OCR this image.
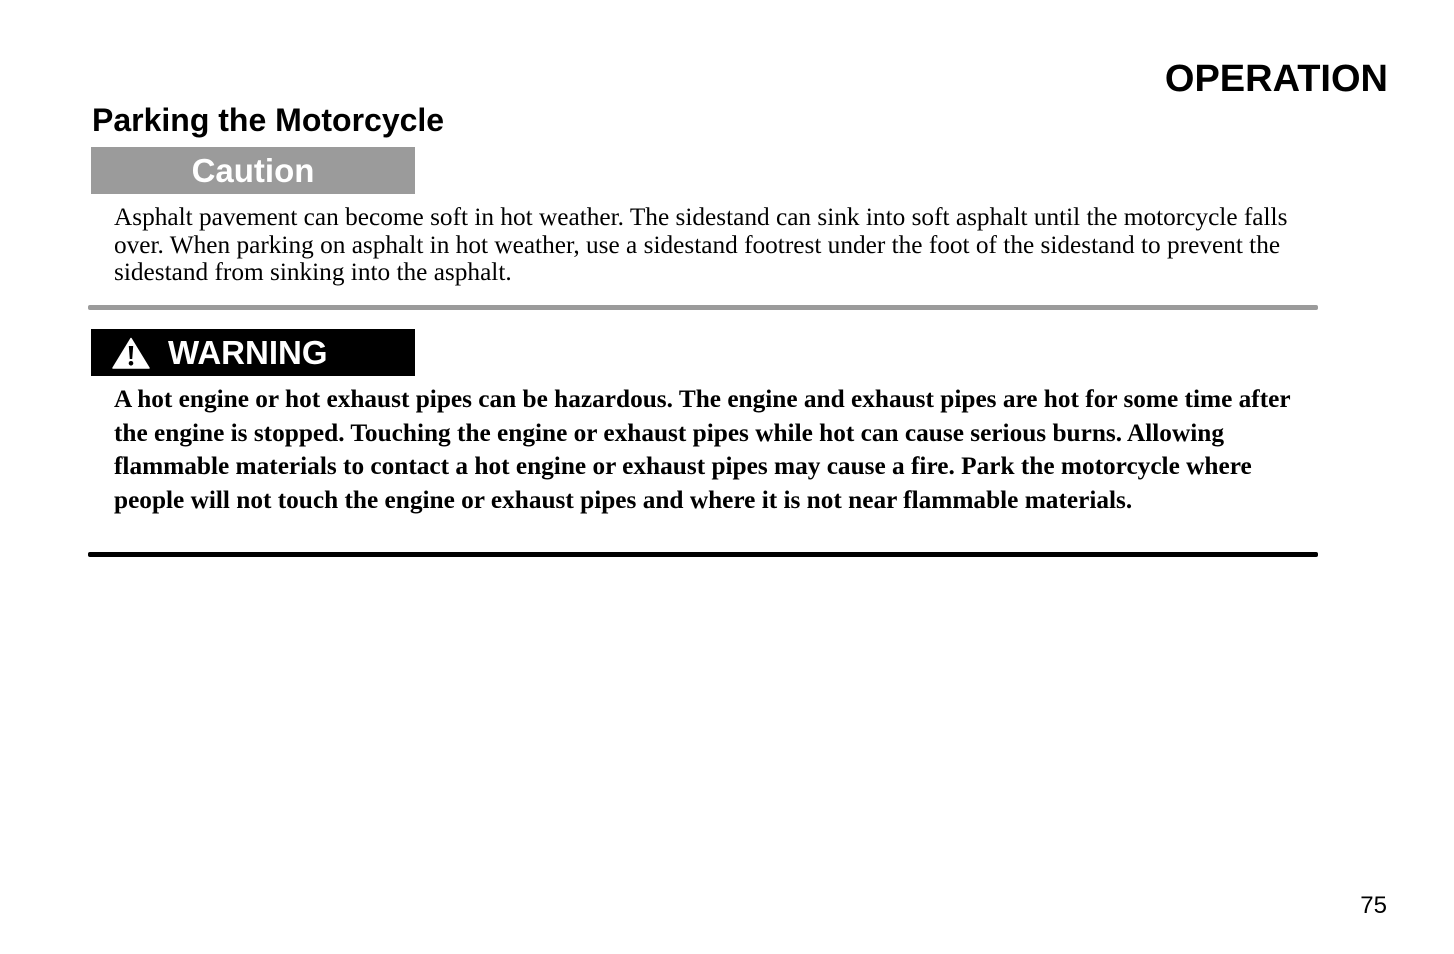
OPERATION
Parking the Motorcycle
Caution

Asphalt pavement can become soft in hot weather. The sidestand can sink into soft asphalt until the motorcycle falls over. When parking on asphalt in hot weather, use a sidestand footrest under the foot of the sidestand to prevent the sidestand from sinking into the asphalt.

WARNING

A hot engine or hot exhaust pipes can be hazardous. The engine and exhaust pipes are hot for some time after the engine is stopped. Touching the engine or exhaust pipes while hot can cause serious burns. Allowing flammable materials to contact a hot engine or exhaust pipes may cause a fire. Park the motorcycle where people will not touch the engine or exhaust pipes and where it is not near flammable materials.

75
